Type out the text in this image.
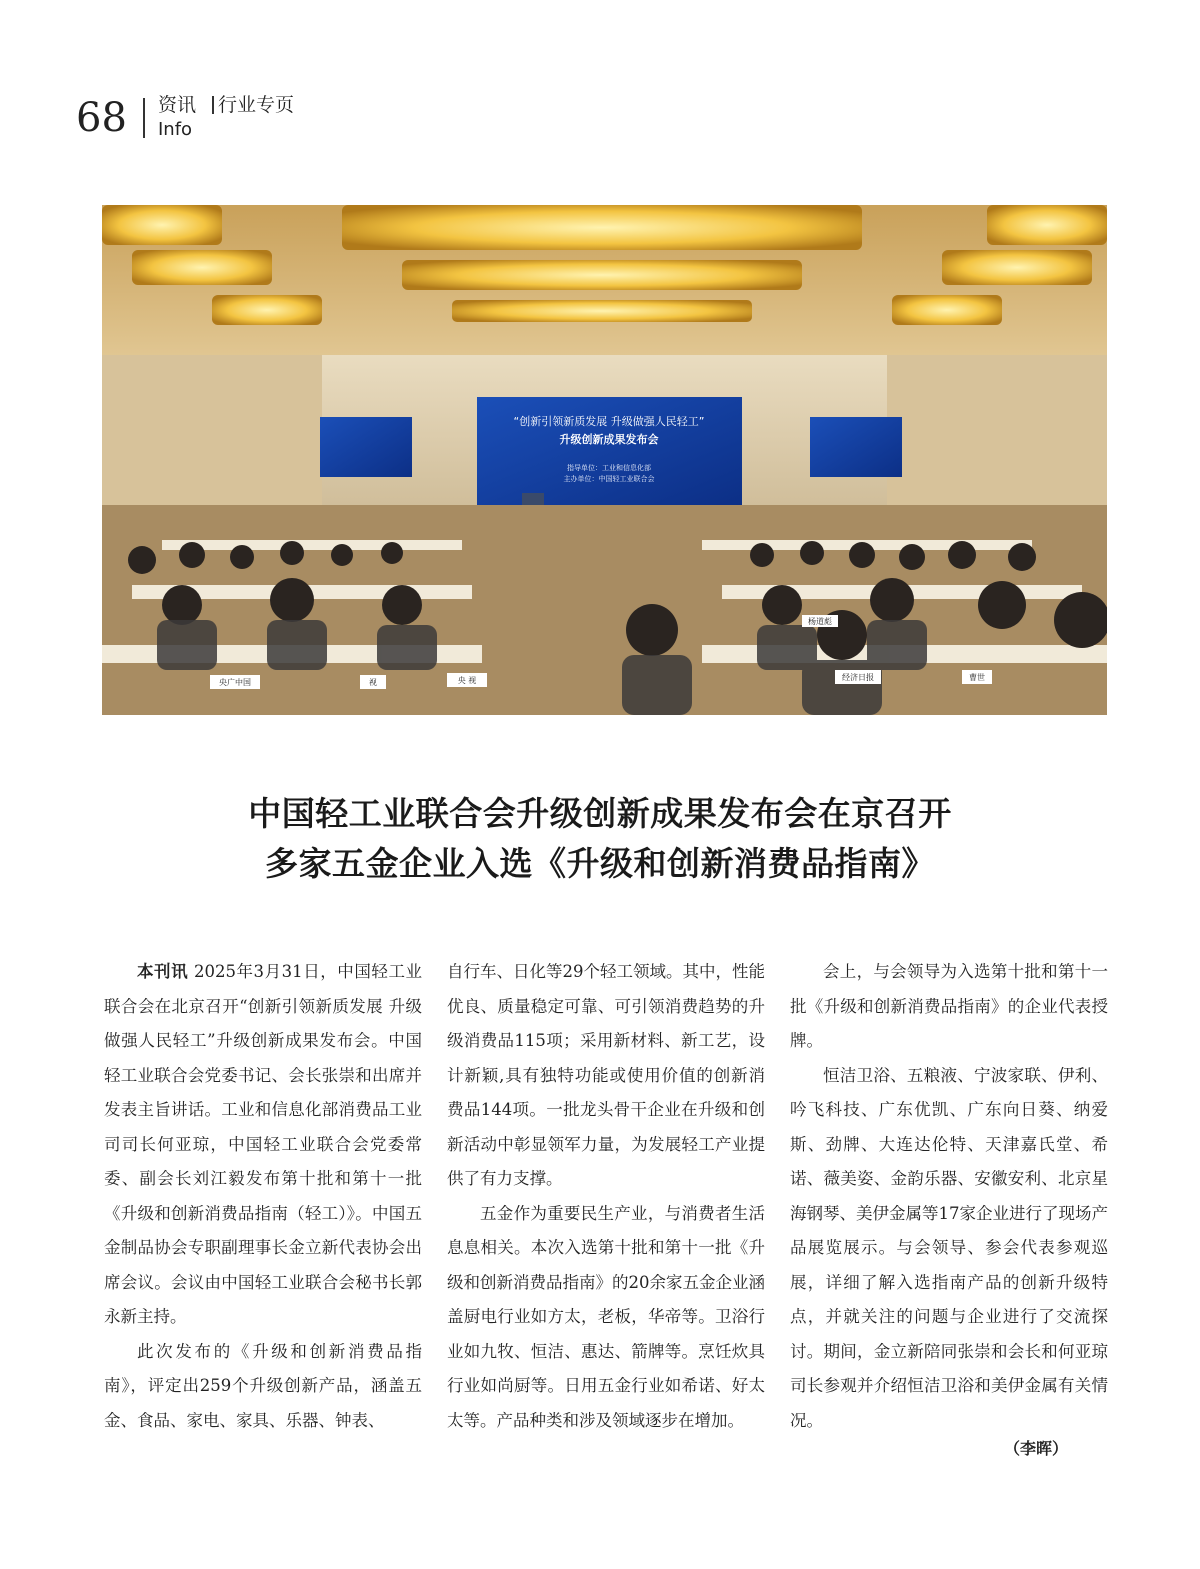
68 资讯 行业专页
Info
“创新引领新质发展 升级做强人民轻工”
升级创新成果发布会
指导单位：工业和信息化部
主办单位：中国轻工业联合会
央广中国	视	央 视
杨道彪
经济日报	曹世
中国轻工业联合会升级创新成果发布会在京召开
多家五金企业入选《升级和创新消费品指南》

本刊讯 2025年3月31日，中国轻工业联合会在北京召开“创新引领新质发展 升级做强人民轻工”升级创新成果发布会。中国轻工业联合会党委书记、会长张崇和出席并发表主旨讲话。工业和信息化部消费品工业司司长何亚琼，中国轻工业联合会党委常委、副会长刘江毅发布第十批和第十一批《升级和创新消费品指南（轻工）》。中国五金制品协会专职副理事长金立新代表协会出席会议。会议由中国轻工业联合会秘书长郭永新主持。

此次发布的《升级和创新消费品指南》，评定出259个升级创新产品，涵盖五金、食品、家电、家具、乐器、钟表、

自行车、日化等29个轻工领域。其中，性能优良、质量稳定可靠、可引领消费趋势的升级消费品115项；采用新材料、新工艺，设计新颖,具有独特功能或使用价值的创新消费品144项。一批龙头骨干企业在升级和创新活动中彰显领军力量，为发展轻工产业提供了有力支撑。

五金作为重要民生产业，与消费者生活息息相关。本次入选第十批和第十一批《升级和创新消费品指南》的20余家五金企业涵盖厨电行业如方太，老板，华帝等。卫浴行业如九牧、恒洁、惠达、箭牌等。烹饪炊具行业如尚厨等。日用五金行业如希诺、好太太等。产品种类和涉及领域逐步在增加。

会上，与会领导为入选第十批和第十一批《升级和创新消费品指南》的企业代表授牌。

恒洁卫浴、五粮液、宁波家联、伊利、吟飞科技、广东优凯、广东向日葵、纳爱斯、劲牌、大连达伦特、天津嘉氏堂、希诺、薇美姿、金韵乐器、安徽安利、北京星海钢琴、美伊金属等17家企业进行了现场产品展览展示。与会领导、参会代表参观巡展，详细了解入选指南产品的创新升级特点，并就关注的问题与企业进行了交流探讨。期间，金立新陪同张崇和会长和何亚琼司长参观并介绍恒洁卫浴和美伊金属有关情况。

（李晖）
